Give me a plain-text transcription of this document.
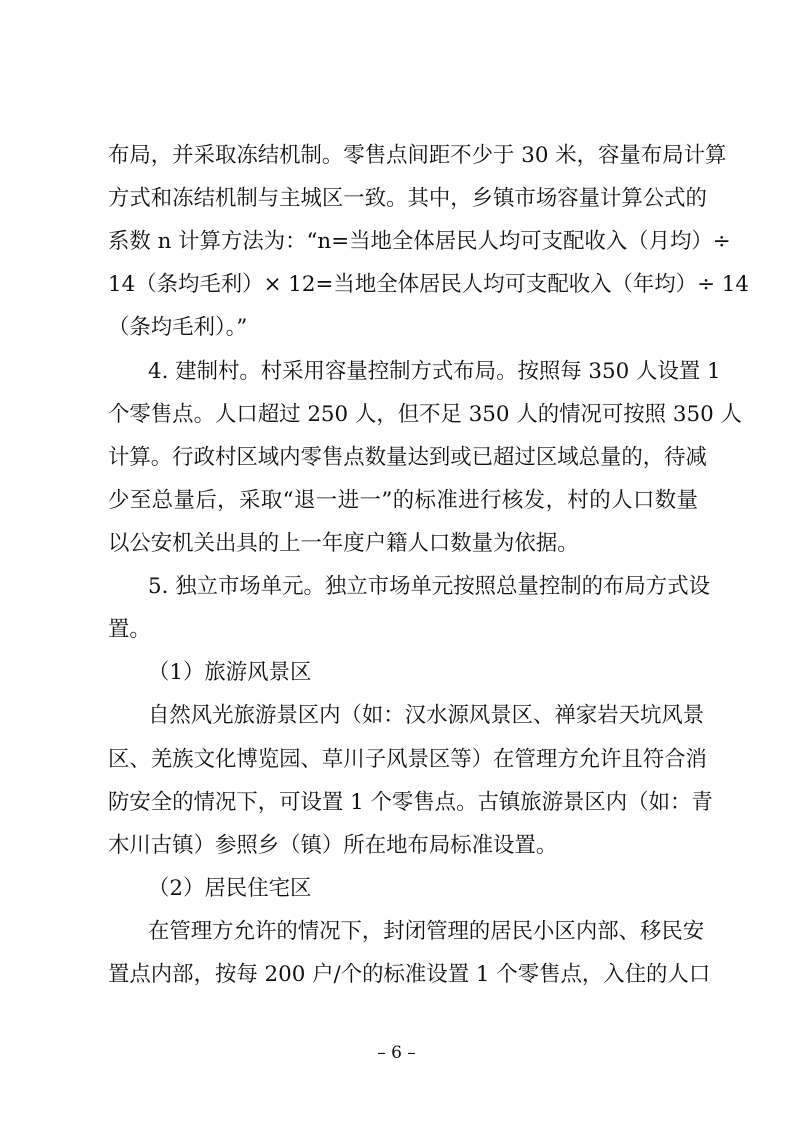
布局，并采取冻结机制。零售点间距不少于 30 米，容量布局计算
方式和冻结机制与主城区一致。其中，乡镇市场容量计算公式的
系数 n 计算方法为：“n=当地全体居民人均可支配收入（月均）÷
14（条均毛利）× 12=当地全体居民人均可支配收入（年均）÷ 14
（条均毛利）。”
4. 建制村。村采用容量控制方式布局。按照每 350 人设置 1
个零售点。人口超过 250 人，但不足 350 人的情况可按照 350 人
计算。行政村区域内零售点数量达到或已超过区域总量的，待减
少至总量后，采取“退一进一”的标准进行核发，村的人口数量
以公安机关出具的上一年度户籍人口数量为依据。
5. 独立市场单元。独立市场单元按照总量控制的布局方式设
置。
（1）旅游风景区
自然风光旅游景区内（如：汉水源风景区、禅家岩天坑风景
区、羌族文化博览园、草川子风景区等）在管理方允许且符合消
防安全的情况下，可设置 1 个零售点。古镇旅游景区内（如：青
木川古镇）参照乡（镇）所在地布局标准设置。
（2）居民住宅区
在管理方允许的情况下，封闭管理的居民小区内部、移民安
置点内部，按每 200 户/个的标准设置 1 个零售点，入住的人口
– 6 –
